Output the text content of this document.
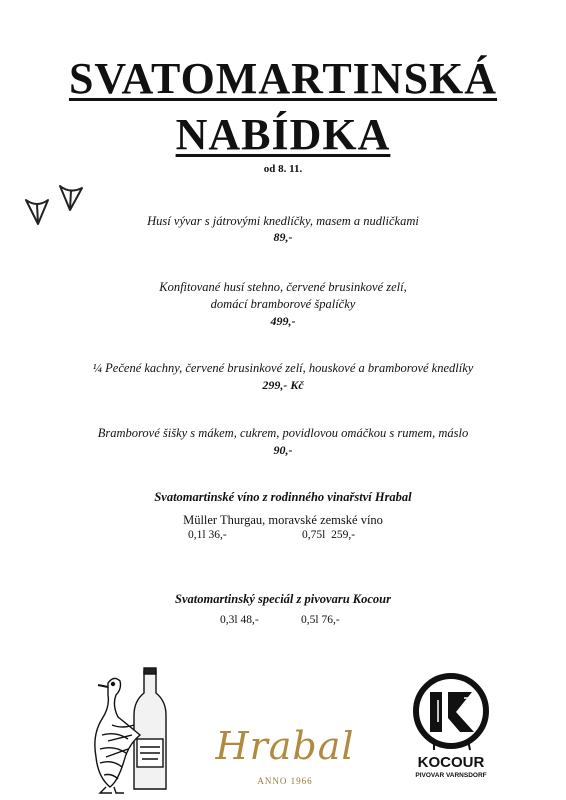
SVATOMARTINSKÁ
NABÍDKA
od 8. 11.
Husí vývar s játrovými knedlíčky, masem a nudličkami
89,-
Konfitované husí stehno, červené brusinkové zelí,
domácí bramborové špalíčky
499,-
¼ Pečené kachny, červené brusinkové zelí, houskové a bramborové knedlíky
299,- Kč
Bramborové šišky s mákem, cukrem, povidlovou omáčkou s rumem, máslo
90,-
Svatomartinské víno z rodinného vinařství Hrabal
Müller Thurgau, moravské zemské víno
0,1l 36,-	0,75l  259,-
Svatomartinský speciál z pivovaru Kocour
0,3l 48,-	0,5l 76,-
Hrabal
ANNO 1966
KOCOUR
PIVOVAR VARNSDORF
